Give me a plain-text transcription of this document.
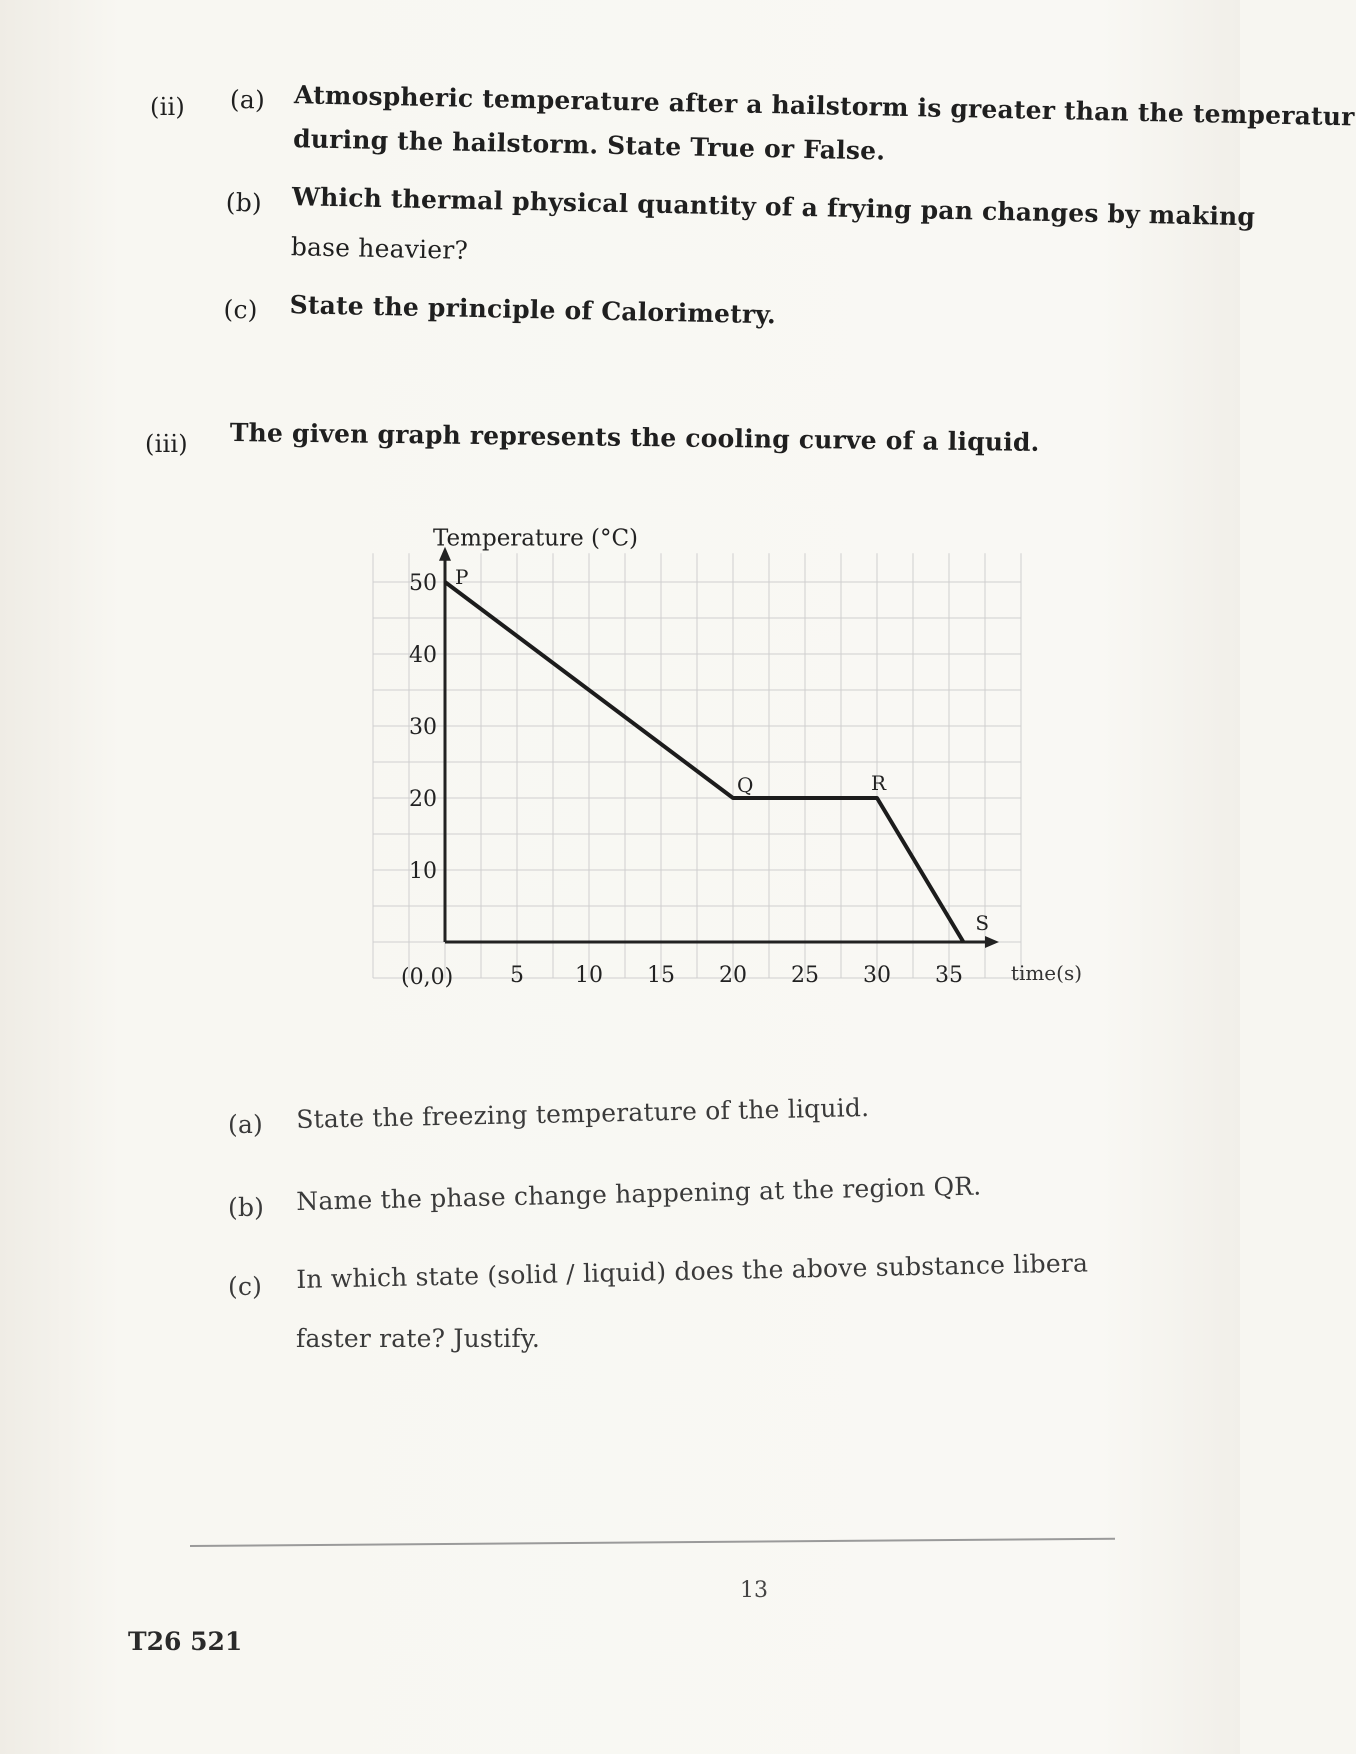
(ii) (a) Atmospheric temperature after a hailstorm is greater than the temperatur
during the hailstorm. State True or False.
(b) Which thermal physical quantity of a frying pan changes by making
base heavier?
(c) State the principle of Calorimetry.
(iii) The given graph represents the cooling curve of a liquid.
10
20
30
40
50
5 10 15 20 25 30 35
(0,0)
Temperature (°C)
time(s)
P
Q	R
S
(a) State the freezing temperature of the liquid.
(b) Name the phase change happening at the region QR.
(c) In which state (solid / liquid) does the above substance libera
faster rate? Justify.
13
T26 521
